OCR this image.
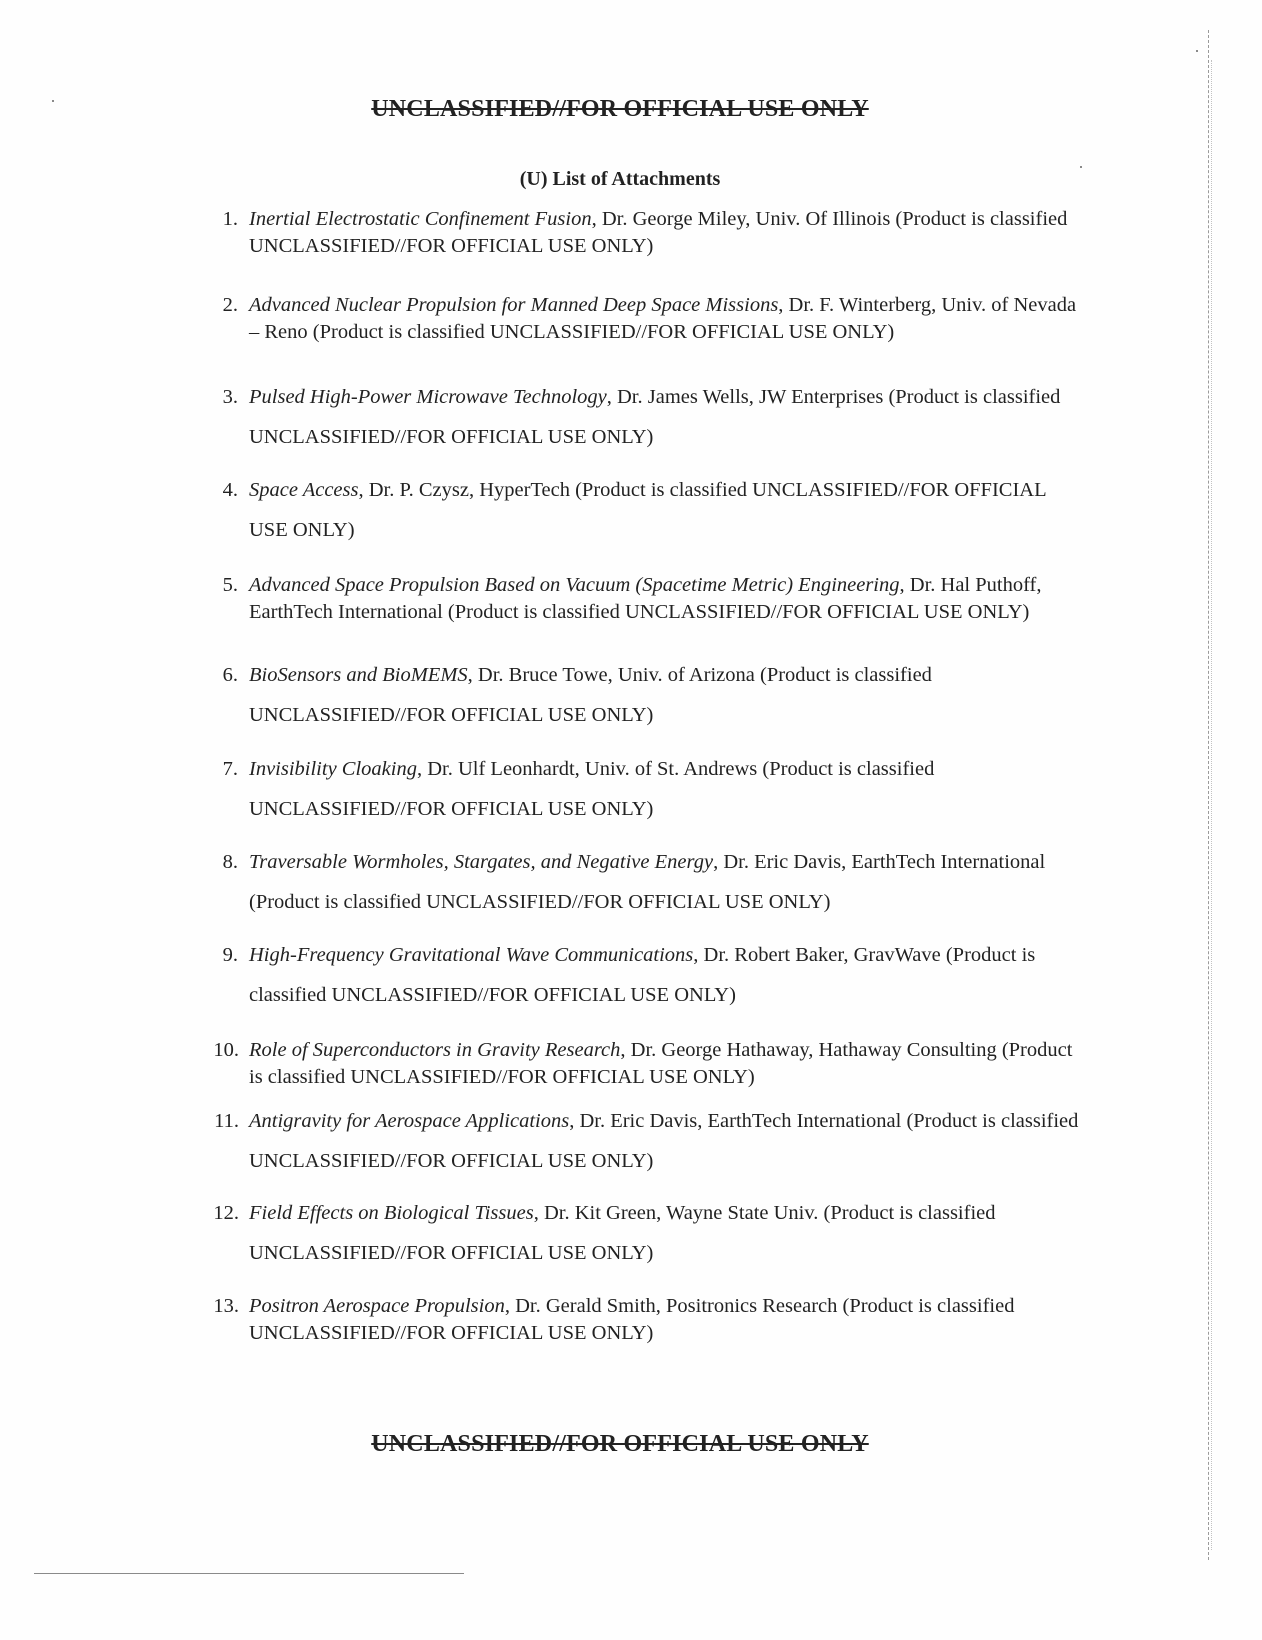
UNCLASSIFIED//FOR OFFICIAL USE ONLY
(U) List of Attachments
1. Inertial Electrostatic Confinement Fusion, Dr. George Miley, Univ. Of Illinois (Product is classified UNCLASSIFIED//FOR OFFICIAL USE ONLY)
2. Advanced Nuclear Propulsion for Manned Deep Space Missions, Dr. F. Winterberg, Univ. of Nevada – Reno (Product is classified UNCLASSIFIED//FOR OFFICIAL USE ONLY)
3. Pulsed High-Power Microwave Technology, Dr. James Wells, JW Enterprises (Product is classified UNCLASSIFIED//FOR OFFICIAL USE ONLY)
4. Space Access, Dr. P. Czysz, HyperTech (Product is classified UNCLASSIFIED//FOR OFFICIAL USE ONLY)
5. Advanced Space Propulsion Based on Vacuum (Spacetime Metric) Engineering, Dr. Hal Puthoff, EarthTech International (Product is classified UNCLASSIFIED//FOR OFFICIAL USE ONLY)
6. BioSensors and BioMEMS, Dr. Bruce Towe, Univ. of Arizona (Product is classified UNCLASSIFIED//FOR OFFICIAL USE ONLY)
7. Invisibility Cloaking, Dr. Ulf Leonhardt, Univ. of St. Andrews (Product is classified UNCLASSIFIED//FOR OFFICIAL USE ONLY)
8. Traversable Wormholes, Stargates, and Negative Energy, Dr. Eric Davis, EarthTech International (Product is classified UNCLASSIFIED//FOR OFFICIAL USE ONLY)
9. High-Frequency Gravitational Wave Communications, Dr. Robert Baker, GravWave (Product is classified UNCLASSIFIED//FOR OFFICIAL USE ONLY)
10. Role of Superconductors in Gravity Research, Dr. George Hathaway, Hathaway Consulting (Product is classified UNCLASSIFIED//FOR OFFICIAL USE ONLY)
11. Antigravity for Aerospace Applications, Dr. Eric Davis, EarthTech International (Product is classified UNCLASSIFIED//FOR OFFICIAL USE ONLY)
12. Field Effects on Biological Tissues, Dr. Kit Green, Wayne State Univ. (Product is classified UNCLASSIFIED//FOR OFFICIAL USE ONLY)
13. Positron Aerospace Propulsion, Dr. Gerald Smith, Positronics Research (Product is classified UNCLASSIFIED//FOR OFFICIAL USE ONLY)
UNCLASSIFIED//FOR OFFICIAL USE ONLY
